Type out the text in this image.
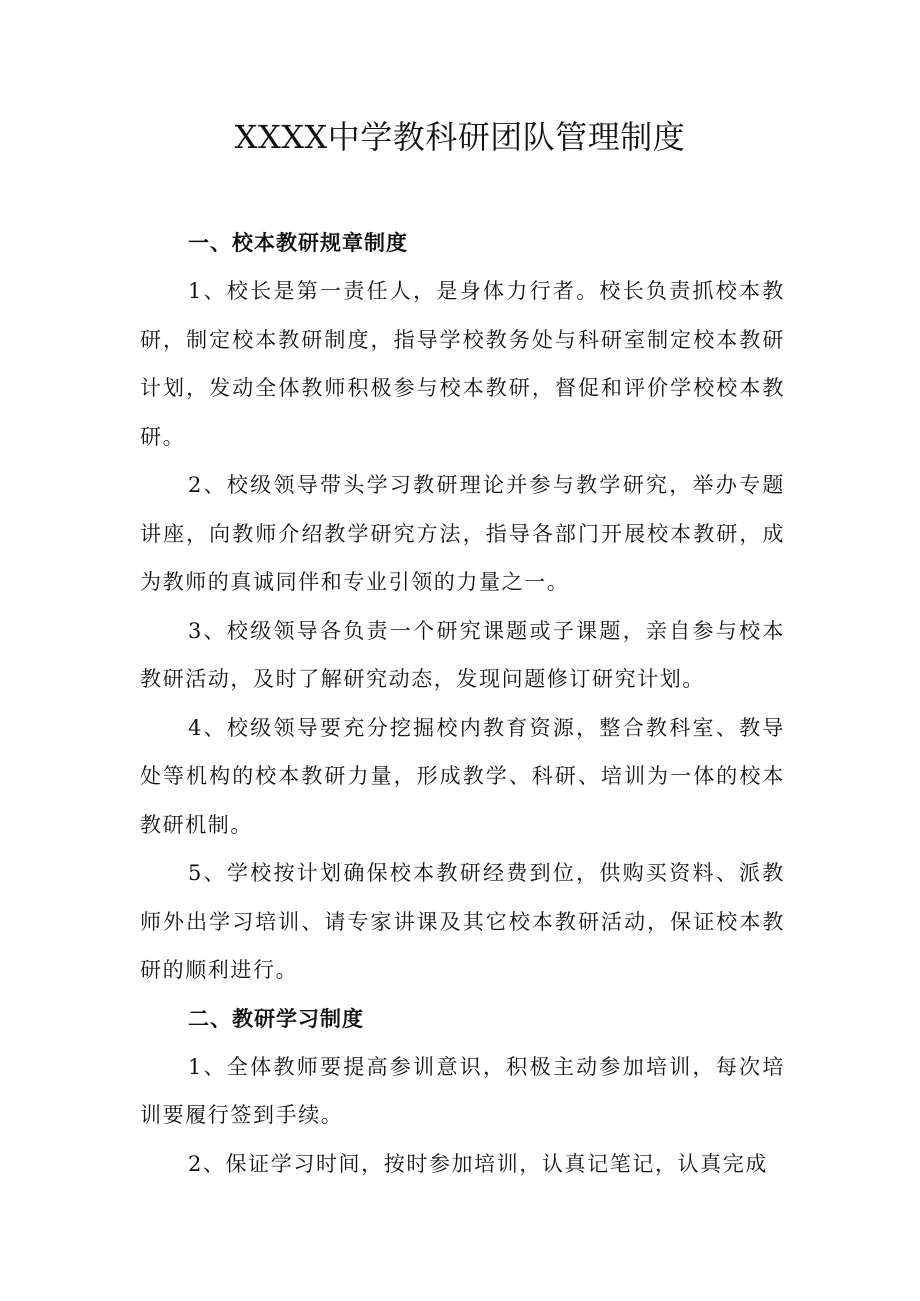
XXXX中学教科研团队管理制度

一、校本教研规章制度

1、校长是第一责任人，是身体力行者。校长负责抓校本教研，制定校本教研制度，指导学校教务处与科研室制定校本教研计划，发动全体教师积极参与校本教研，督促和评价学校校本教研。

2、校级领导带头学习教研理论并参与教学研究，举办专题讲座，向教师介绍教学研究方法，指导各部门开展校本教研，成为教师的真诚同伴和专业引领的力量之一。

3、校级领导各负责一个研究课题或子课题，亲自参与校本教研活动，及时了解研究动态，发现问题修订研究计划。

4、校级领导要充分挖掘校内教育资源，整合教科室、教导处等机构的校本教研力量，形成教学、科研、培训为一体的校本教研机制。

5、学校按计划确保校本教研经费到位，供购买资料、派教师外出学习培训、请专家讲课及其它校本教研活动，保证校本教研的顺利进行。

二、教研学习制度

1、全体教师要提高参训意识，积极主动参加培训，每次培训要履行签到手续。

2、保证学习时间，按时参加培训，认真记笔记，认真完成
